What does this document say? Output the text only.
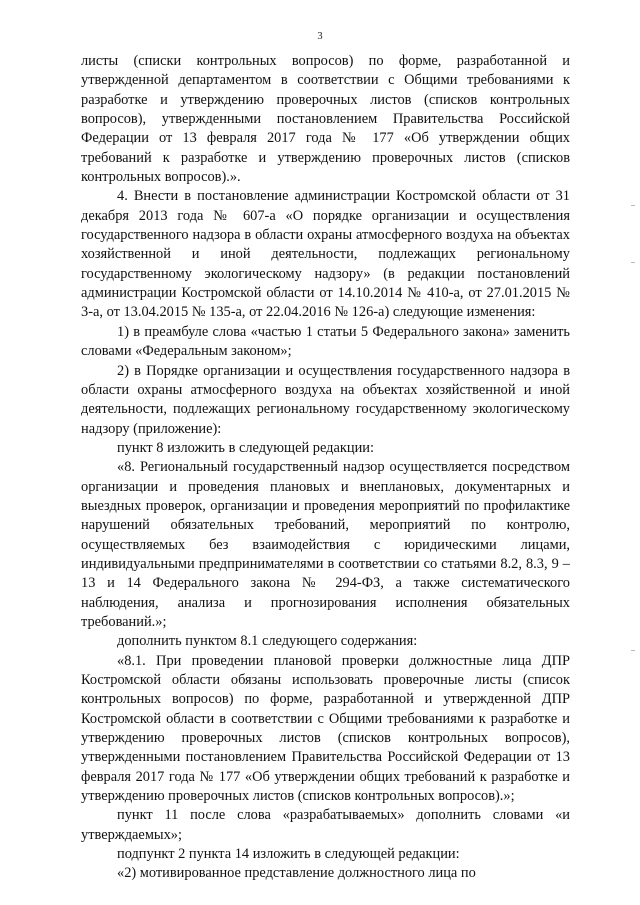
3

листы (списки контрольных вопросов) по форме, разработанной и утвержденной департаментом в соответствии с Общими требованиями к разработке и утверждению проверочных листов (списков контрольных вопросов), утвержденными постановлением Правительства Российской Федерации от 13 февраля 2017 года № 177 «Об утверждении общих требований к разработке и утверждению проверочных листов (списков контрольных вопросов).».

4. Внести в постановление администрации Костромской области от 31 декабря 2013 года № 607-а «О порядке организации и осуществления государственного надзора в области охраны атмосферного воздуха на объектах хозяйственной и иной деятельности, подлежащих региональному государственному экологическому надзору» (в редакции постановлений администрации Костромской области от 14.10.2014 № 410-а, от 27.01.2015 № 3-а, от 13.04.2015 № 135-а, от 22.04.2016 № 126-а) следующие изменения:

1) в преамбуле слова «частью 1 статьи 5 Федерального закона» заменить словами «Федеральным законом»;

2) в Порядке организации и осуществления государственного надзора в области охраны атмосферного воздуха на объектах хозяйственной и иной деятельности, подлежащих региональному государственному экологическому надзору (приложение):

пункт 8 изложить в следующей редакции:

«8. Региональный государственный надзор осуществляется посредством организации и проведения плановых и внеплановых, документарных и выездных проверок, организации и проведения мероприятий по профилактике нарушений обязательных требований, мероприятий по контролю, осуществляемых без взаимодействия с юридическими лицами, индивидуальными предпринимателями в соответствии со статьями 8.2, 8.3, 9 – 13 и 14 Федерального закона № 294-ФЗ, а также систематического наблюдения, анализа и прогнозирования исполнения обязательных требований.»;

дополнить пунктом 8.1 следующего содержания:

«8.1. При проведении плановой проверки должностные лица ДПР Костромской области обязаны использовать проверочные листы (список контрольных вопросов) по форме, разработанной и утвержденной ДПР Костромской области в соответствии с Общими требованиями к разработке и утверждению проверочных листов (списков контрольных вопросов), утвержденными постановлением Правительства Российской Федерации от 13 февраля 2017 года № 177 «Об утверждении общих требований к разработке и утверждению проверочных листов (списков контрольных вопросов).»;

пункт 11 после слова «разрабатываемых» дополнить словами «и утверждаемых»;

подпункт 2 пункта 14 изложить в следующей редакции:

«2) мотивированное представление должностного лица по
